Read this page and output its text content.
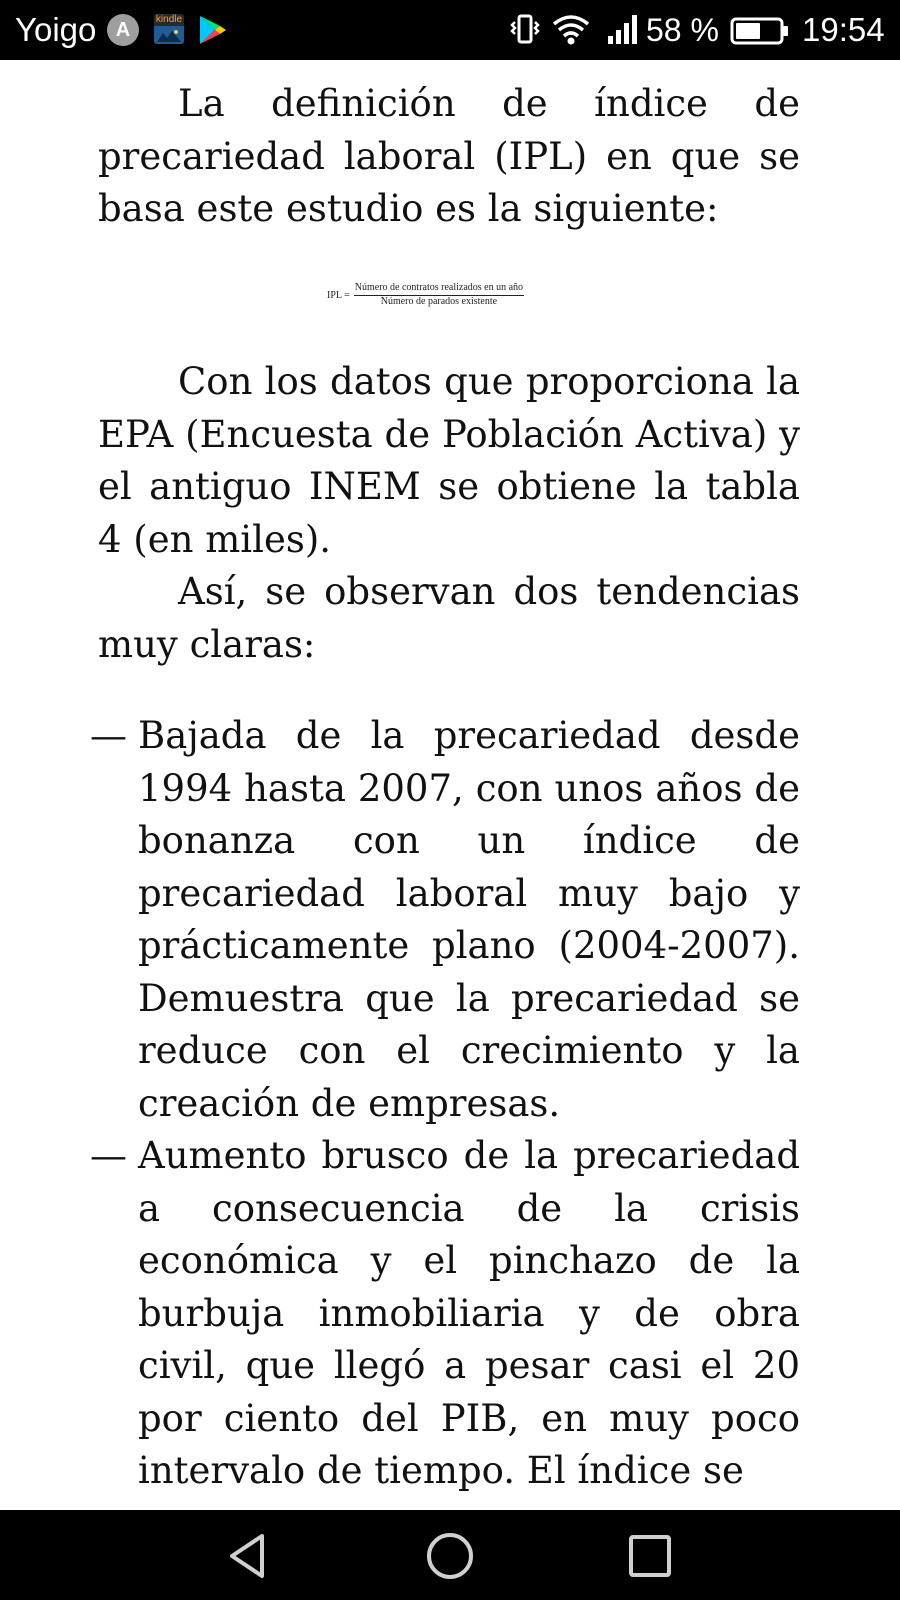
Yoigo A	kindle	58 %	19:54

La definición de índice de precariedad laboral (IPL) en que se basa este estudio es la siguiente:

IPL = $\frac{\text{Número de contratos realizados en un año}}{\text{Número de parados existente}}$

Con los datos que proporciona la EPA (Encuesta de Población Activa) y el antiguo INEM se obtiene la tabla 4 (en miles).

Así, se observan dos tendencias muy claras:

— Bajada de la precariedad desde 1994 hasta 2007, con unos años de bonanza con un índice de precariedad laboral muy bajo y prácticamente plano (2004-2007). Demuestra que la precariedad se reduce con el crecimiento y la creación de empresas.
— Aumento brusco de la precariedad a consecuencia de la crisis económica y el pinchazo de la burbuja inmobiliaria y de obra civil, que llegó a pesar casi el 20 por ciento del PIB, en muy poco intervalo de tiempo. El índice se
